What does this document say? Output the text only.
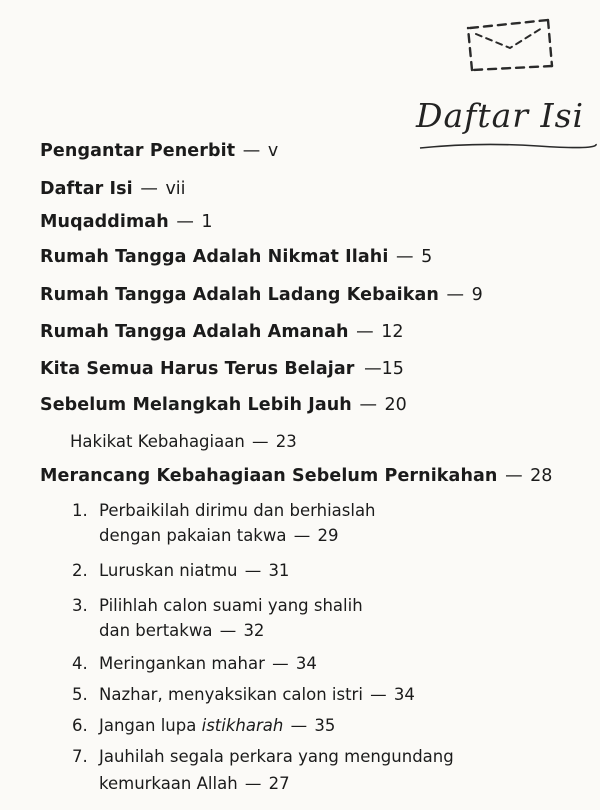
Daftar Isi
Pengantar Penerbit — v
Daftar Isi — vii
Muqaddimah — 1
Rumah Tangga Adalah Nikmat Ilahi — 5
Rumah Tangga Adalah Ladang Kebaikan — 9
Rumah Tangga Adalah Amanah — 12
Kita Semua Harus Terus Belajar —15
Sebelum Melangkah Lebih Jauh — 20
Hakikat Kebahagiaan — 23
Merancang Kebahagiaan Sebelum Pernikahan — 28
1. Perbaikilah dirimu dan berhiaslah
dengan pakaian takwa — 29
2. Luruskan niatmu — 31
3. Pilihlah calon suami yang shalih
dan bertakwa — 32
4. Meringankan mahar — 34
5. Nazhar, menyaksikan calon istri — 34
6. Jangan lupa istikharah — 35
7. Jauhilah segala perkara yang mengundang
kemurkaan Allah — 27
